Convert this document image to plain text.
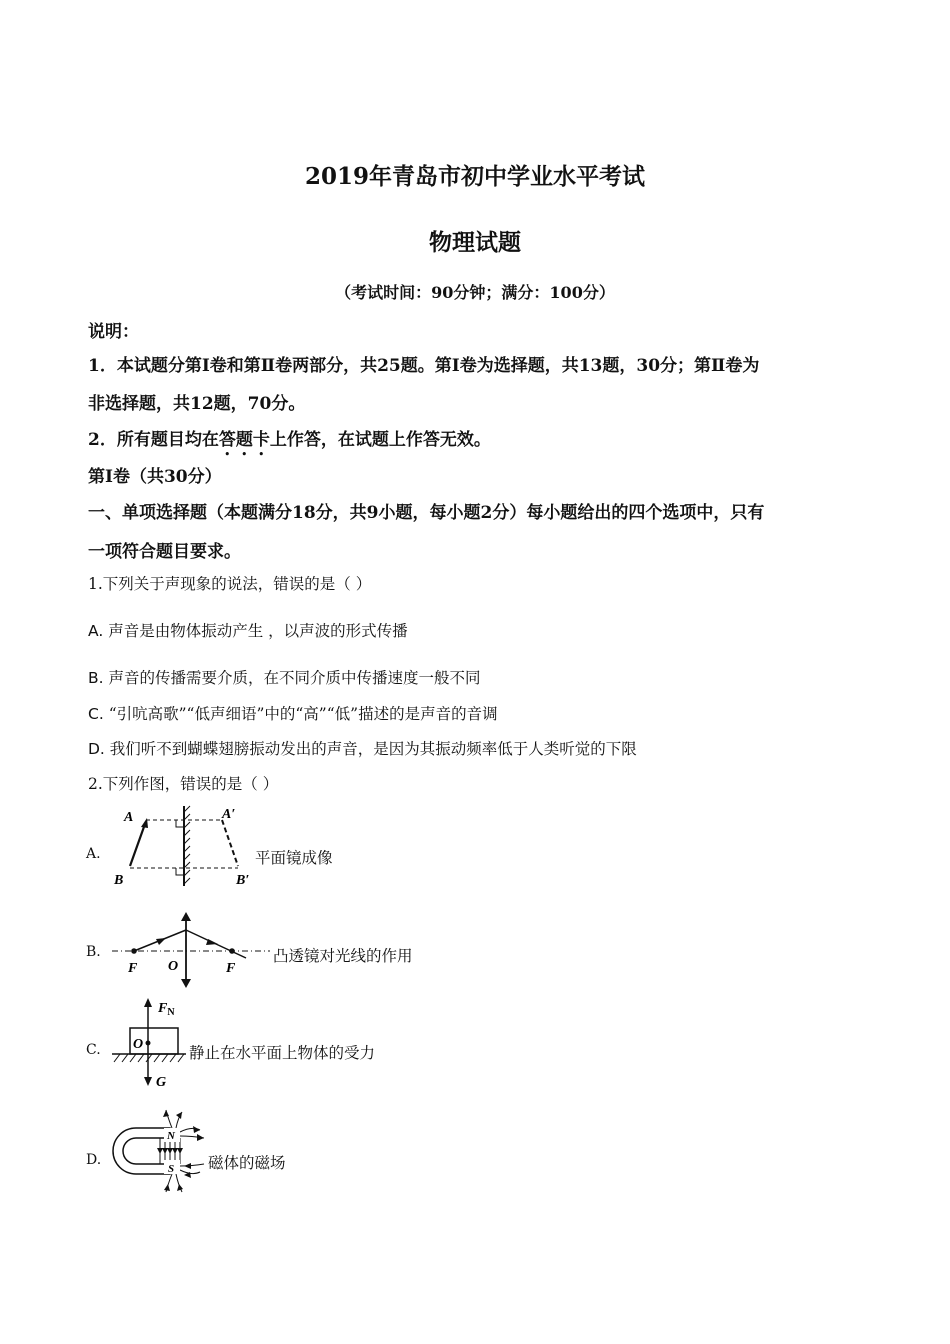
2019年青岛市初中学业水平考试
物理试题
（考试时间：90分钟；满分：100分）
说明：
1．本试题分第Ⅰ卷和第Ⅱ卷两部分，共25题。第Ⅰ卷为选择题，共13题，30分；第Ⅱ卷为
非选择题，共12题，70分。
2．所有题目均在答题卡上作答，在试题上作答无效。
第Ⅰ卷（共30分）
一、单项选择题（本题满分18分，共9小题，每小题2分）每小题给出的四个选项中，只有
一项符合题目要求。
1.下列关于声现象的说法，错误的是（ ）
A. 声音是由物体振动产生 ，以声波的形式传播
B. 声音的传播需要介质，在不同介质中传播速度一般不同
C. “引吭高歌”“低声细语”中的“高”“低”描述的是声音的音调
D. 我们听不到蝴蝶翅膀振动发出的声音，是因为其振动频率低于人类听觉的下限
2.下列作图，错误的是（ ）
A.
A	A′
B	B′
平面镜成像
B.
F O	F
凸透镜对光线的作用
C.
$F_N$
O
G
静止在水平面上物体的受力
D.
N
S 磁体的磁场
